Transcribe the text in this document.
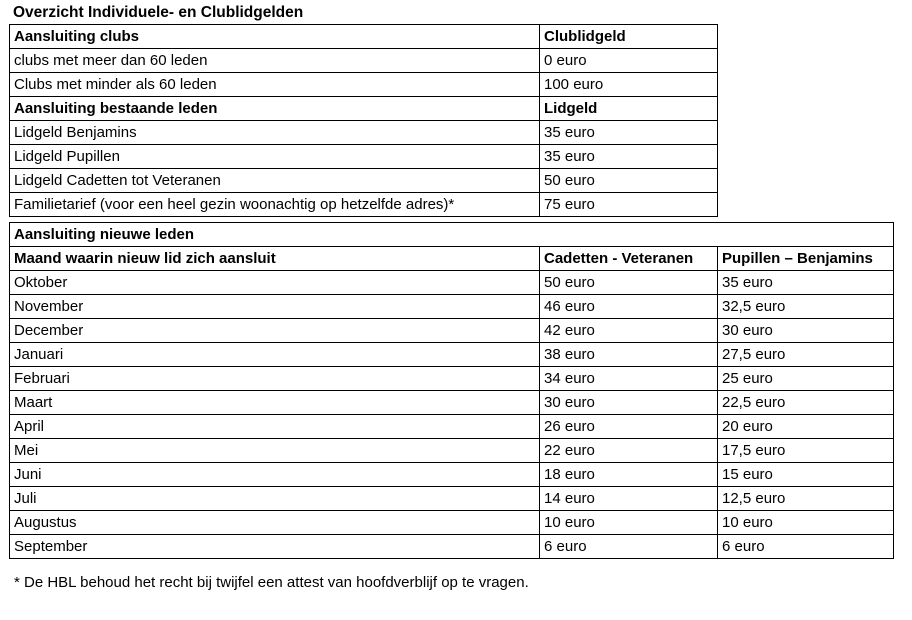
Overzicht Individuele- en Clublidgelden
Aansluiting clubs	Clublidgeld
clubs met meer dan 60 leden	0 euro
Clubs met minder als 60 leden	100 euro
Aansluiting bestaande leden	Lidgeld
Lidgeld Benjamins	35 euro
Lidgeld Pupillen	35 euro
Lidgeld Cadetten tot Veteranen	50 euro
Familietarief (voor een heel gezin woonachtig op hetzelfde adres)*	75 euro
Aansluiting nieuwe leden		
Maand waarin nieuw lid zich aansluit	Cadetten - Veteranen	Pupillen – Benjamins
Oktober	50 euro	35 euro
November	46 euro	32,5 euro
December	42 euro	30 euro
Januari	38 euro	27,5 euro
Februari	34 euro	25 euro
Maart	30 euro	22,5 euro
April	26 euro	20 euro
Mei	22 euro	17,5 euro
Juni	18 euro	15 euro
Juli	14 euro	12,5 euro
Augustus	10 euro	10 euro
September	6 euro	6 euro
* De HBL behoud het recht bij twijfel een attest van hoofdverblijf op te vragen.
